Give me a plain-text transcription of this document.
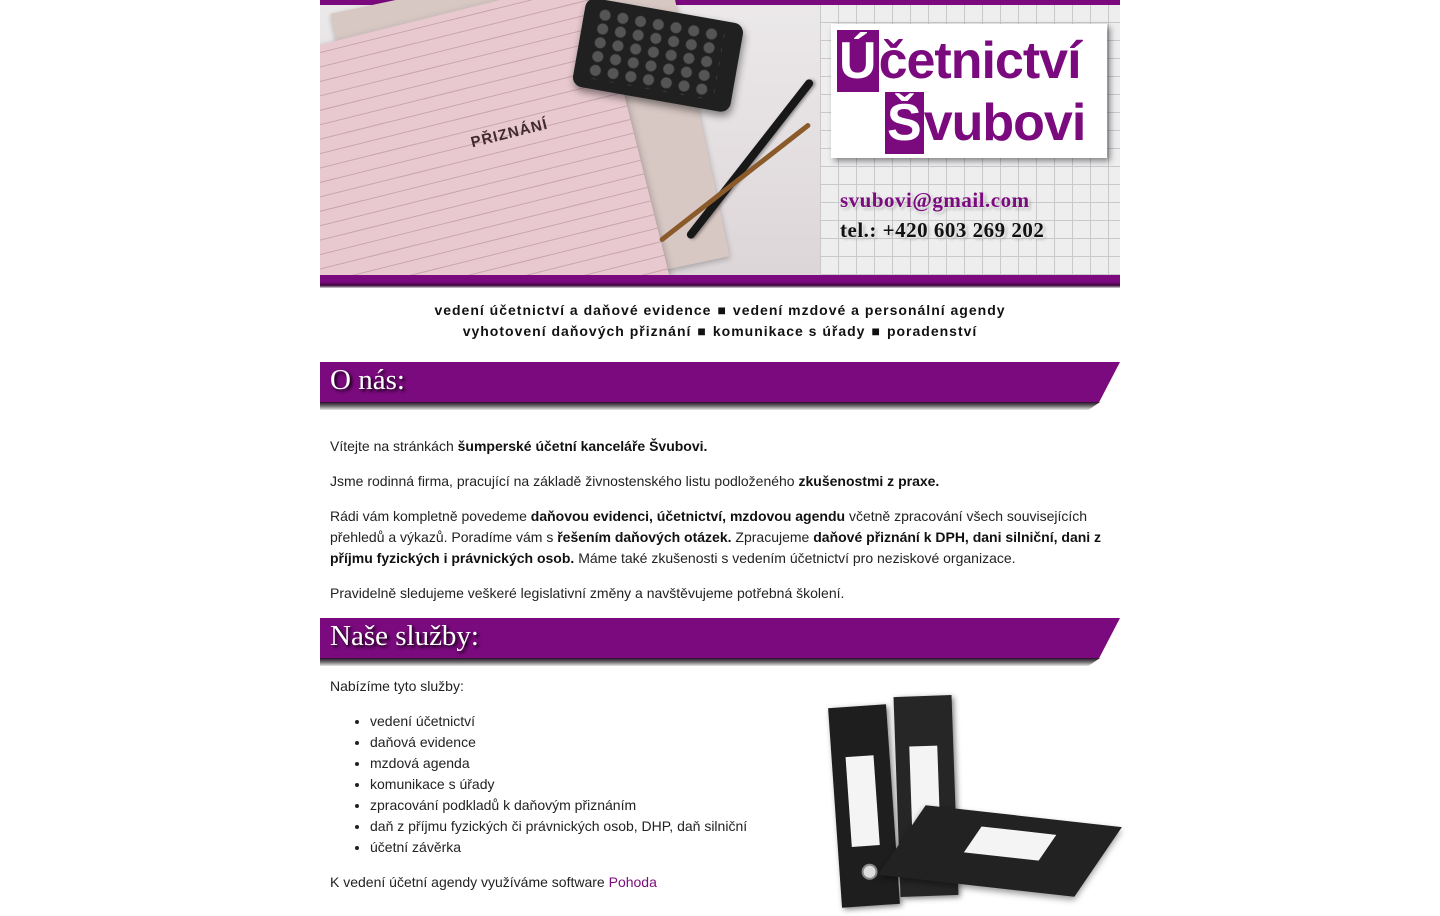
PŘIZNÁNÍ
Účetnictví
Švubovi
svubovi@gmail.com
tel.: +420 603 269 202
vedení účetnictví a daňové evidence ■ vedení mzdové a personální agendy
vyhotovení daňových přiznání ■ komunikace s úřady ■ poradenství
O nás:

Vítejte na stránkách šumperské účetní kanceláře Švubovi.

Jsme rodinná firma, pracující na základě živnostenského listu podloženého zkušenostmi z praxe.

Rádi vám kompletně povedeme daňovou evidenci, účetnictví, mzdovou agendu včetně zpracování všech souvisejících přehledů a výkazů. Poradíme vám s řešením daňových otázek. Zpracujeme daňové přiznání k DPH, dani silniční, dani z příjmu fyzických i právnických osob. Máme také zkušenosti s vedením účetnictví pro neziskové organizace.

Pravidelně sledujeme veškeré legislativní změny a navštěvujeme potřebná školení.

Naše služby:

Nabízíme tyto služby:

• vedení účetnictví
• daňová evidence
• mzdová agenda
• komunikace s úřady
• zpracování podkladů k daňovým přiznáním
• daň z příjmu fyzických či právnických osob, DHP, daň silniční
• účetní závěrka

K vedení účetní agendy využíváme software Pohoda
